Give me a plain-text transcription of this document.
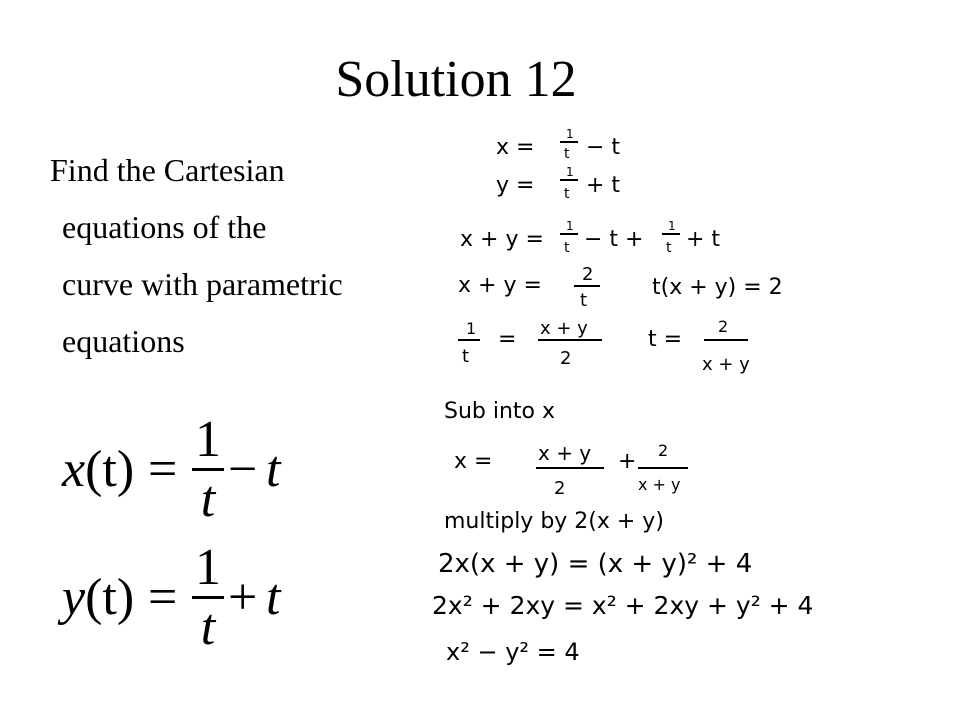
Solution 12
Find the Cartesian
equations of the
curve with parametric
equations
x(t) =
1
t
− t
y(t) =
1
t
+ t
x =
1
t − t
y =
1
t + t
x + y =
1
t − t +
1
t + t
x + y = 2
t
t(x + y) = 2
1
t
= x + y
2
t =
2
x + y
Sub into x
x = x + y
2
+ 2
x + y
multiply by 2(x + y)
2x(x + y) = (x + y)² + 4
2x² + 2xy = x² + 2xy + y² + 4
x² − y² = 4
